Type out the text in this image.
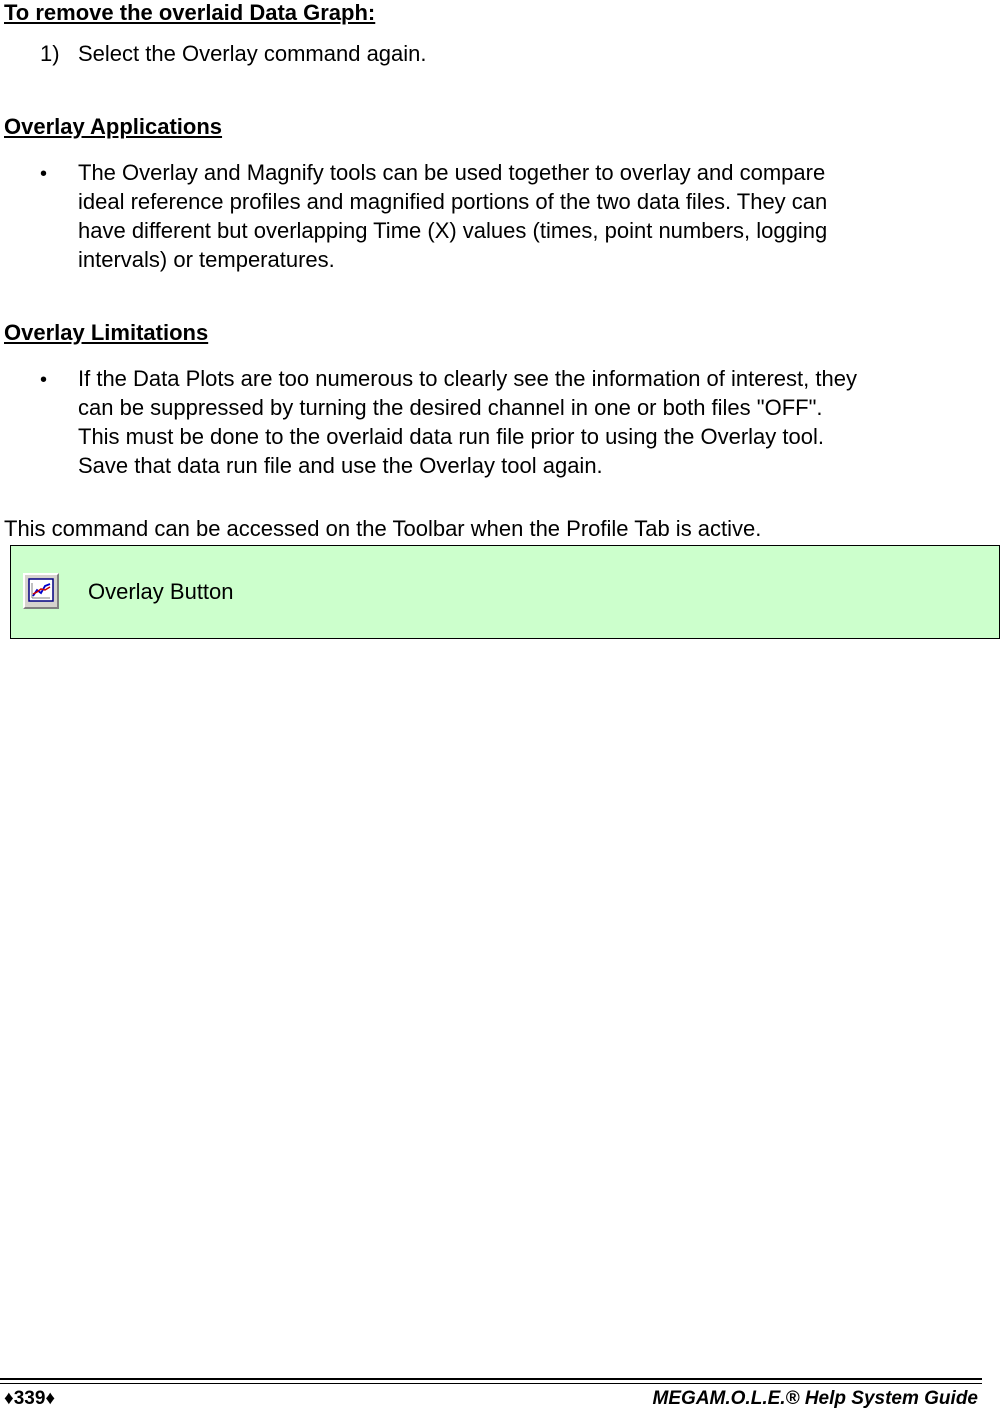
To remove the overlaid Data Graph:
1) Select the Overlay command again.
Overlay Applications
• The Overlay and Magnify tools can be used together to overlay and compare
ideal reference profiles and magnified portions of the two data files. They can
have different but overlapping Time (X) values (times, point numbers, logging
intervals) or temperatures.
Overlay Limitations
• If the Data Plots are too numerous to clearly see the information of interest, they
can be suppressed by turning the desired channel in one or both files "OFF".
This must be done to the overlaid data run file prior to using the Overlay tool.
Save that data run file and use the Overlay tool again.
This command can be accessed on the Toolbar when the Profile Tab is active.
Overlay Button
♦339♦	MEGAM.O.L.E.® Help System Guide
